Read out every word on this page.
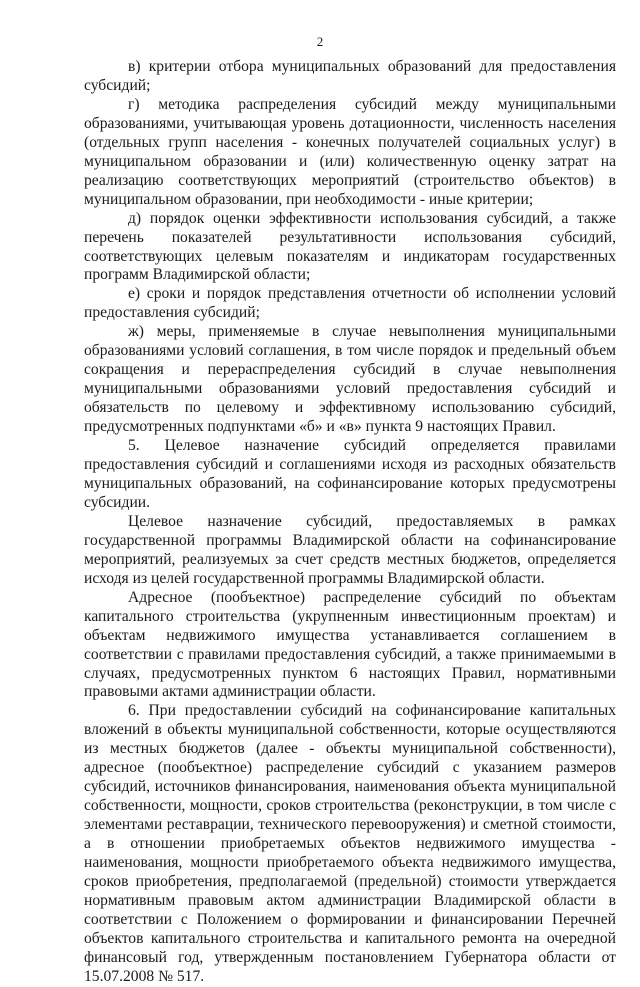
2

в) критерии отбора муниципальных образований для предоставления субсидий;

г) методика распределения субсидий между муниципальными образованиями, учитывающая уровень дотационности, численность населения (отдельных групп населения - конечных получателей социальных услуг) в муниципальном образовании и (или) количественную оценку затрат на реализацию соответствующих мероприятий (строительство объектов) в муниципальном образовании, при необходимости - иные критерии;

д) порядок оценки эффективности использования субсидий, а также перечень показателей результативности использования субсидий, соответствующих целевым показателям и индикаторам государственных программ Владимирской области;

е) сроки и порядок представления отчетности об исполнении условий предоставления субсидий;

ж) меры, применяемые в случае невыполнения муниципальными образованиями условий соглашения, в том числе порядок и предельный объем сокращения и перераспределения субсидий в случае невыполнения муниципальными образованиями условий предоставления субсидий и обязательств по целевому и эффективному использованию субсидий, предусмотренных подпунктами «б» и «в» пункта 9 настоящих Правил.

5. Целевое назначение субсидий определяется правилами предоставления субсидий и соглашениями исходя из расходных обязательств муниципальных образований, на софинансирование которых предусмотрены субсидии.

Целевое назначение субсидий, предоставляемых в рамках государственной программы Владимирской области на софинансирование мероприятий, реализуемых за счет средств местных бюджетов, определяется исходя из целей государственной программы Владимирской области.

Адресное (пообъектное) распределение субсидий по объектам капитального строительства (укрупненным инвестиционным проектам) и объектам недвижимого имущества устанавливается соглашением в соответствии с правилами предоставления субсидий, а также принимаемыми в случаях, предусмотренных пунктом 6 настоящих Правил, нормативными правовыми актами администрации области.

6. При предоставлении субсидий на софинансирование капитальных вложений в объекты муниципальной собственности, которые осуществляются из местных бюджетов (далее - объекты муниципальной собственности), адресное (пообъектное) распределение субсидий с указанием размеров субсидий, источников финансирования, наименования объекта муниципальной собственности, мощности, сроков строительства (реконструкции, в том числе с элементами реставрации, технического перевооружения) и сметной стоимости, а в отношении приобретаемых объектов недвижимого имущества - наименования, мощности приобретаемого объекта недвижимого имущества, сроков приобретения, предполагаемой (предельной) стоимости утверждается нормативным правовым актом администрации Владимирской области в соответствии с Положением о формировании и финансировании Перечней объектов капитального строительства и капитального ремонта на очередной финансовый год, утвержденным постановлением Губернатора области от 15.07.2008 № 517.
